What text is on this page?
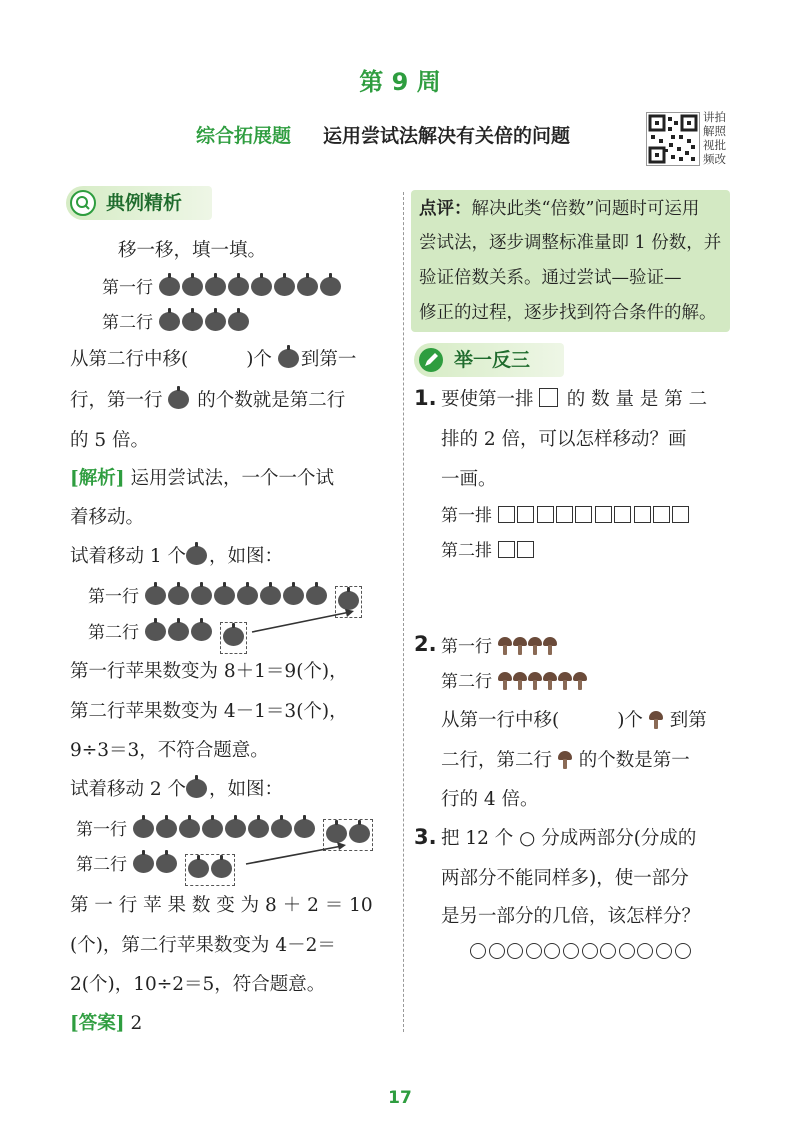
第 9 周
综合拓展题 运用尝试法解决有关倍的问题
讲拍
解照
视批
频改
典例精析
移一移，填一填。
第一行
第二行
从第二行中移(	)个 到第一
行，第一行 的个数就是第二行
的 5 倍。
[解析] 运用尝试法，一个一个试
着移动。
试着移动 1 个 ，如图：
第一行
第二行
第一行苹果数变为 8＋1＝9(个)，
第二行苹果数变为 4－1＝3(个)，
9÷3＝3，不符合题意。
试着移动 2 个 ，如图：
第一行
第二行
第 一 行 苹 果 数 变 为 8 ＋ 2 ＝ 10
(个)，第二行苹果数变为 4－2＝
2(个)，10÷2＝5，符合题意。
[答案] 2
点评：解决此类“倍数”问题时可运用
尝试法，逐步调整标准量即 1 份数，并
验证倍数关系。通过尝试—验证—
修正的过程，逐步找到符合条件的解。
举一反三
1. 要使第一排 的 数 量 是 第 二
排的 2 倍，可以怎样移动？画
一画。
第一排
第二排
2. 第一行
第二行
从第一行中移(	)个 到第
二行，第二行 的个数是第一
行的 4 倍。
3. 把 12 个 ○ 分成两部分(分成的
两部分不能同样多)，使一部分
是另一部分的几倍，该怎样分？
17
